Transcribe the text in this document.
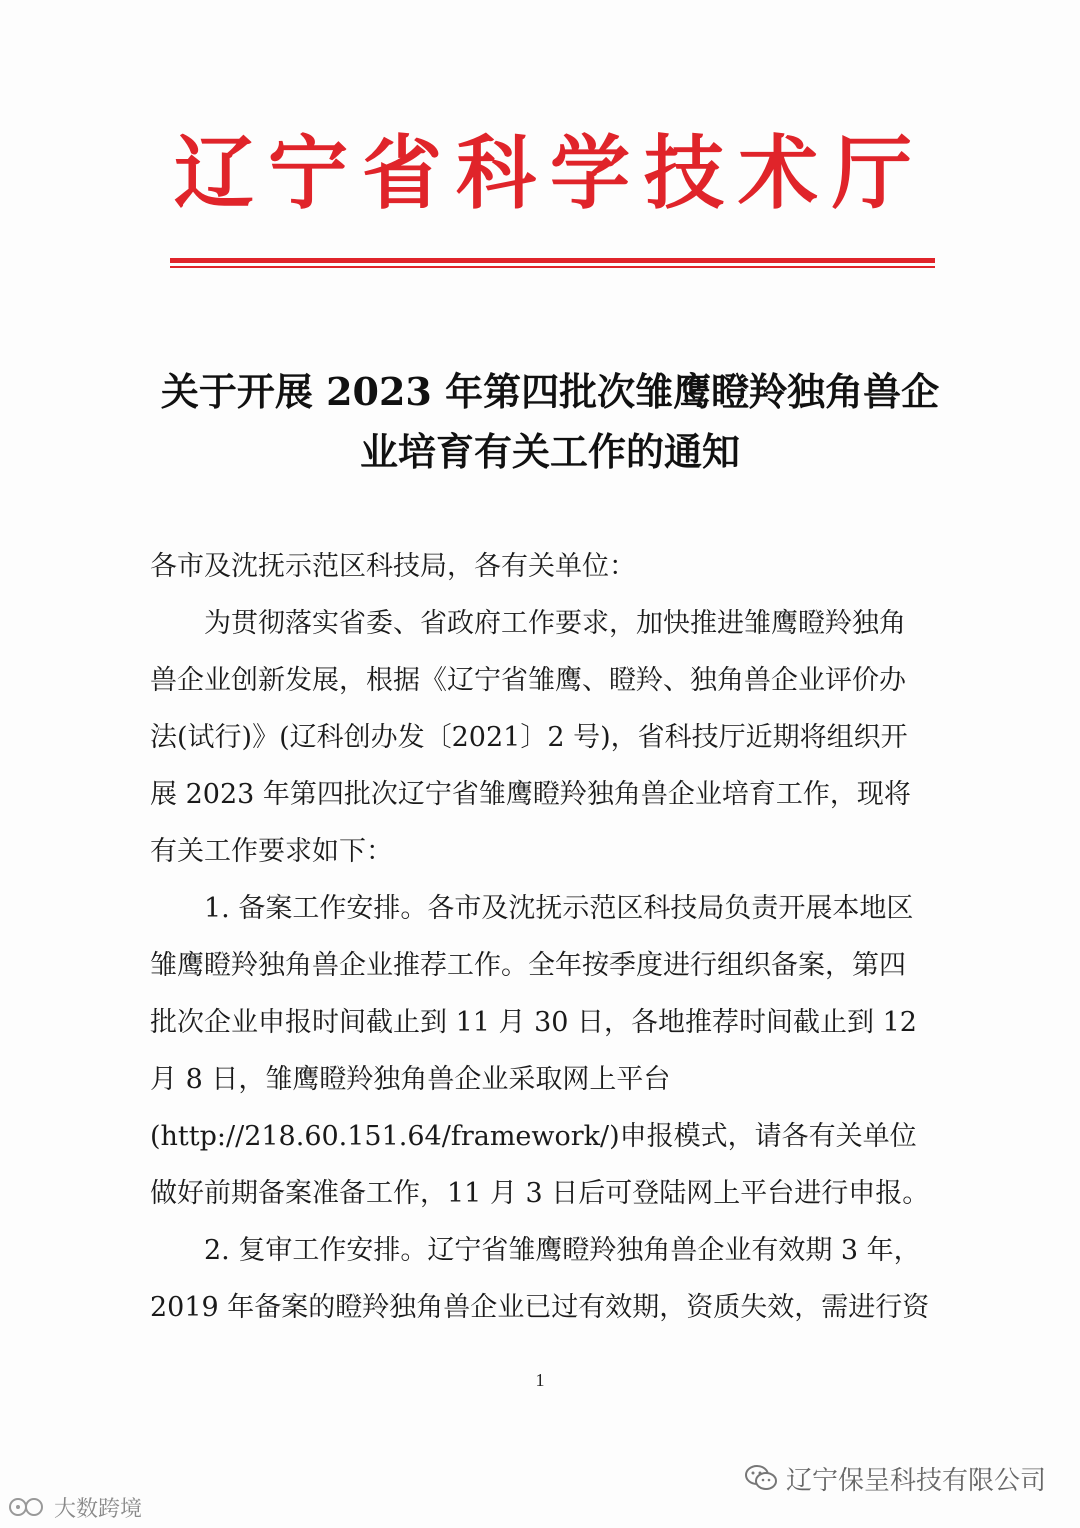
辽宁省科学技术厅
关于开展 2023 年第四批次雏鹰瞪羚独角兽企
业培育有关工作的通知
各市及沈抚示范区科技局，各有关单位：
为贯彻落实省委、省政府工作要求，加快推进雏鹰瞪羚独角
兽企业创新发展，根据《辽宁省雏鹰、瞪羚、独角兽企业评价办
法(试行)》(辽科创办发〔2021〕2 号)，省科技厅近期将组织开
展 2023 年第四批次辽宁省雏鹰瞪羚独角兽企业培育工作，现将
有关工作要求如下：
1. 备案工作安排。各市及沈抚示范区科技局负责开展本地区
雏鹰瞪羚独角兽企业推荐工作。全年按季度进行组织备案，第四
批次企业申报时间截止到 11 月 30 日，各地推荐时间截止到 12
月 8 日，雏鹰瞪羚独角兽企业采取网上平台
(http://218.60.151.64/framework/)申报模式，请各有关单位
做好前期备案准备工作，11 月 3 日后可登陆网上平台进行申报。
2. 复审工作安排。辽宁省雏鹰瞪羚独角兽企业有效期 3 年，
2019 年备案的瞪羚独角兽企业已过有效期，资质失效，需进行资
1
辽宁保呈科技有限公司
大数跨境
